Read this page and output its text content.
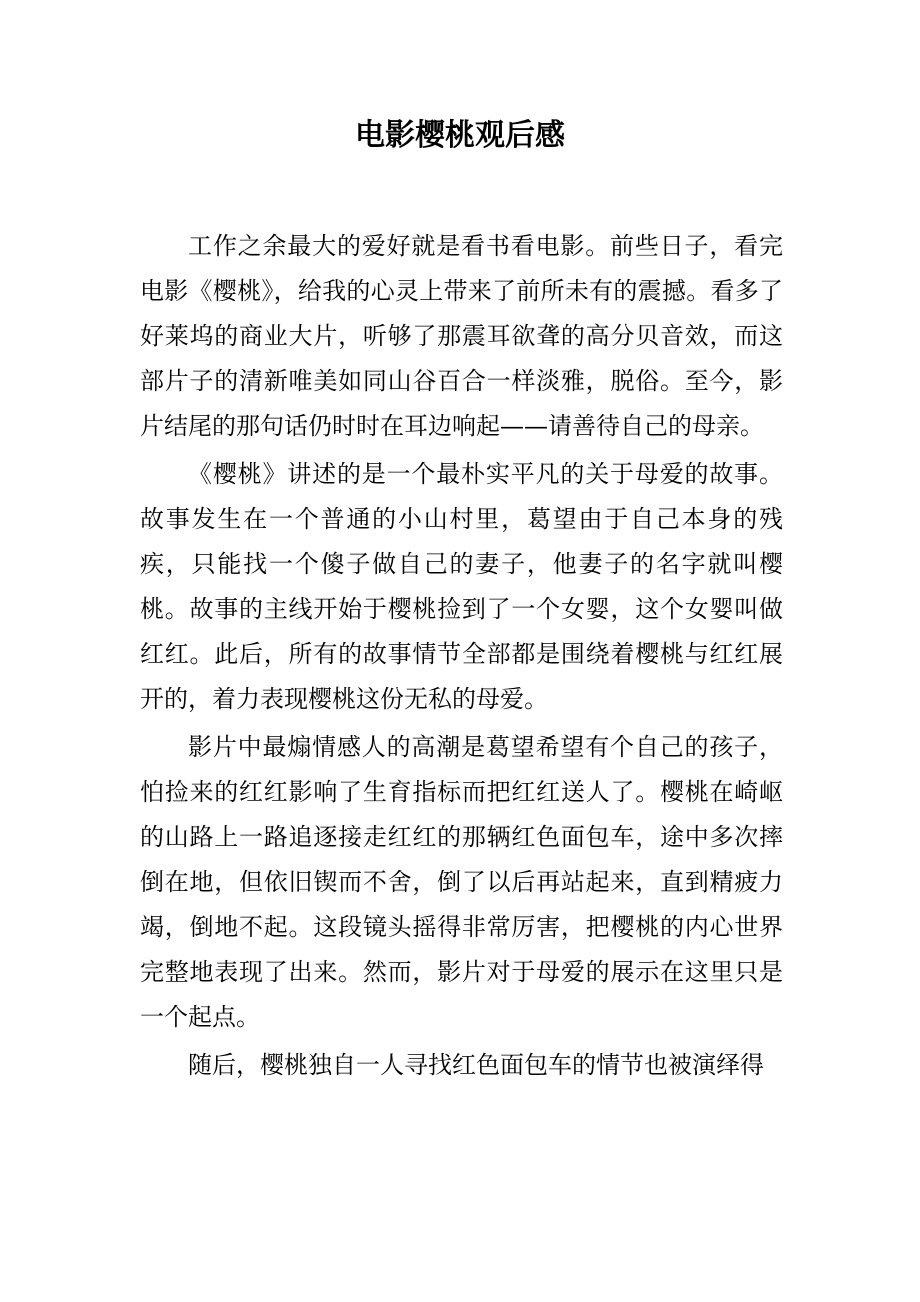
电影樱桃观后感

工作之余最大的爱好就是看书看电影。前些日子，看完电影《樱桃》，给我的心灵上带来了前所未有的震撼。看多了好莱坞的商业大片，听够了那震耳欲聋的高分贝音效，而这部片子的清新唯美如同山谷百合一样淡雅，脱俗。至今，影片结尾的那句话仍时时在耳边响起——请善待自己的母亲。

《樱桃》讲述的是一个最朴实平凡的关于母爱的故事。故事发生在一个普通的小山村里，葛望由于自己本身的残疾，只能找一个傻子做自己的妻子，他妻子的名字就叫樱桃。故事的主线开始于樱桃捡到了一个女婴，这个女婴叫做红红。此后，所有的故事情节全部都是围绕着樱桃与红红展开的，着力表现樱桃这份无私的母爱。

影片中最煽情感人的高潮是葛望希望有个自己的孩子，怕捡来的红红影响了生育指标而把红红送人了。樱桃在崎岖的山路上一路追逐接走红红的那辆红色面包车，途中多次摔倒在地，但依旧锲而不舍，倒了以后再站起来，直到精疲力竭，倒地不起。这段镜头摇得非常厉害，把樱桃的内心世界完整地表现了出来。然而，影片对于母爱的展示在这里只是一个起点。

随后，樱桃独自一人寻找红色面包车的情节也被演绎得
